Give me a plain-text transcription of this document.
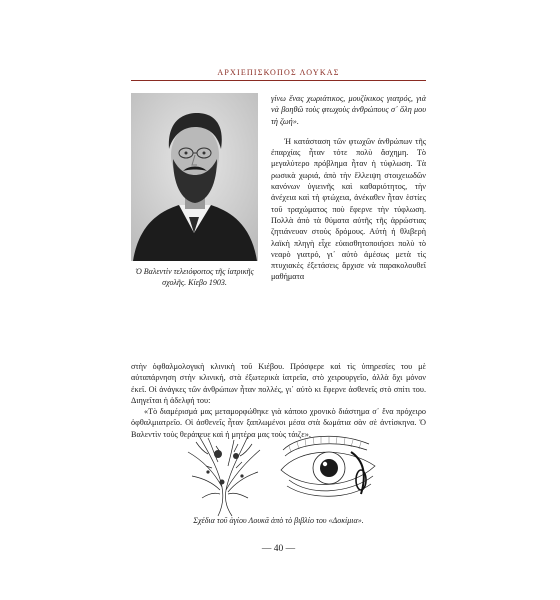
ΑΡΧΙΕΠΙΣΚΟΠΟΣ ΛΟΥΚΑΣ
Ὁ Βαλεντὶν τελειόφοιτος τῆς ἰατρικῆς σχολῆς. Κίεβο 1903.

γίνω ἕνας χωριάτικος, μουζίκικος γιατρός, γιὰ νὰ βοηθῶ τοὺς φτωχοὺς ἀνθρώπους σ᾽ ὅλη μου τὴ ζωή».

Ἡ κατάσταση τῶν φτωχῶν ἀνθρώπων τῆς ἐπαρχίας ἦταν τότε πολὺ ἄσχημη. Τὸ μεγαλύτερο πρόβλημα ἦταν ἡ τύφλωση. Τὰ ρωσικὰ χωριά, ἀπὸ τὴν ἔλλειψη στοιχειωδῶν κανόνων ὑγιεινῆς καὶ καθαριότητος, τὴν ἀνέχεια καὶ τὴ φτώχεια, ἀνέκαθεν ἦταν ἑστίες τοῦ τραχώματος ποὺ ἔφερνε τὴν τύφλωση. Πολλὰ ἀπὸ τὰ θύματα αὐτῆς τῆς ἀρρώστιας ζητιάνευαν στοὺς δρόμους. Αὐτὴ ἡ θλιβερὴ λαϊκὴ πληγὴ εἶχε εὐαισθητοποιήσει πολὺ τὸ νεαρὸ γιατρό, γι᾽ αὐτὸ ἀμέσως μετὰ τὶς πτυχιακὲς ἐξετάσεις ἄρχισε νὰ παρακολουθεῖ μαθήματα

στὴν ὀφθαλμολογικὴ κλινικὴ τοῦ Κιέβου. Πρόσφερε καὶ τὶς ὑπηρεσίες του μὲ αὐταπάρνηση στὴν κλινική, στὰ ἐξωτερικὰ ἰατρεῖα, στὸ χειρουργεῖο, ἀλλὰ ὄχι μόνον ἐκεῖ. Οἱ ἀνάγκες τῶν ἀνθρώπων ἦταν πολλές, γι᾽ αὐτὸ κι ἔφερνε ἀσθενεῖς στὸ σπίτι του. Διηγεῖται ἡ ἀδελφή του:

«Τὸ διαμέρισμά μας μεταμορφώθηκε γιὰ κάποιο χρονικὸ διάστημα σ᾽ ἕνα πρόχειρο ὀφθαλμιατρεῖο. Οἱ ἀσθενεῖς ἦταν ξαπλωμένοι μέσα στὰ δωμάτια σὰν σὲ ἀντίσκηνα. Ὁ Βαλεντὶν τοὺς θεράπευε καὶ ἡ μητέρα μας τοὺς τάιζε».

Σχέδια τοῦ ἁγίου Λουκᾶ ἀπὸ τὸ βιβλίο του «Δοκίμια».
— 40 —
